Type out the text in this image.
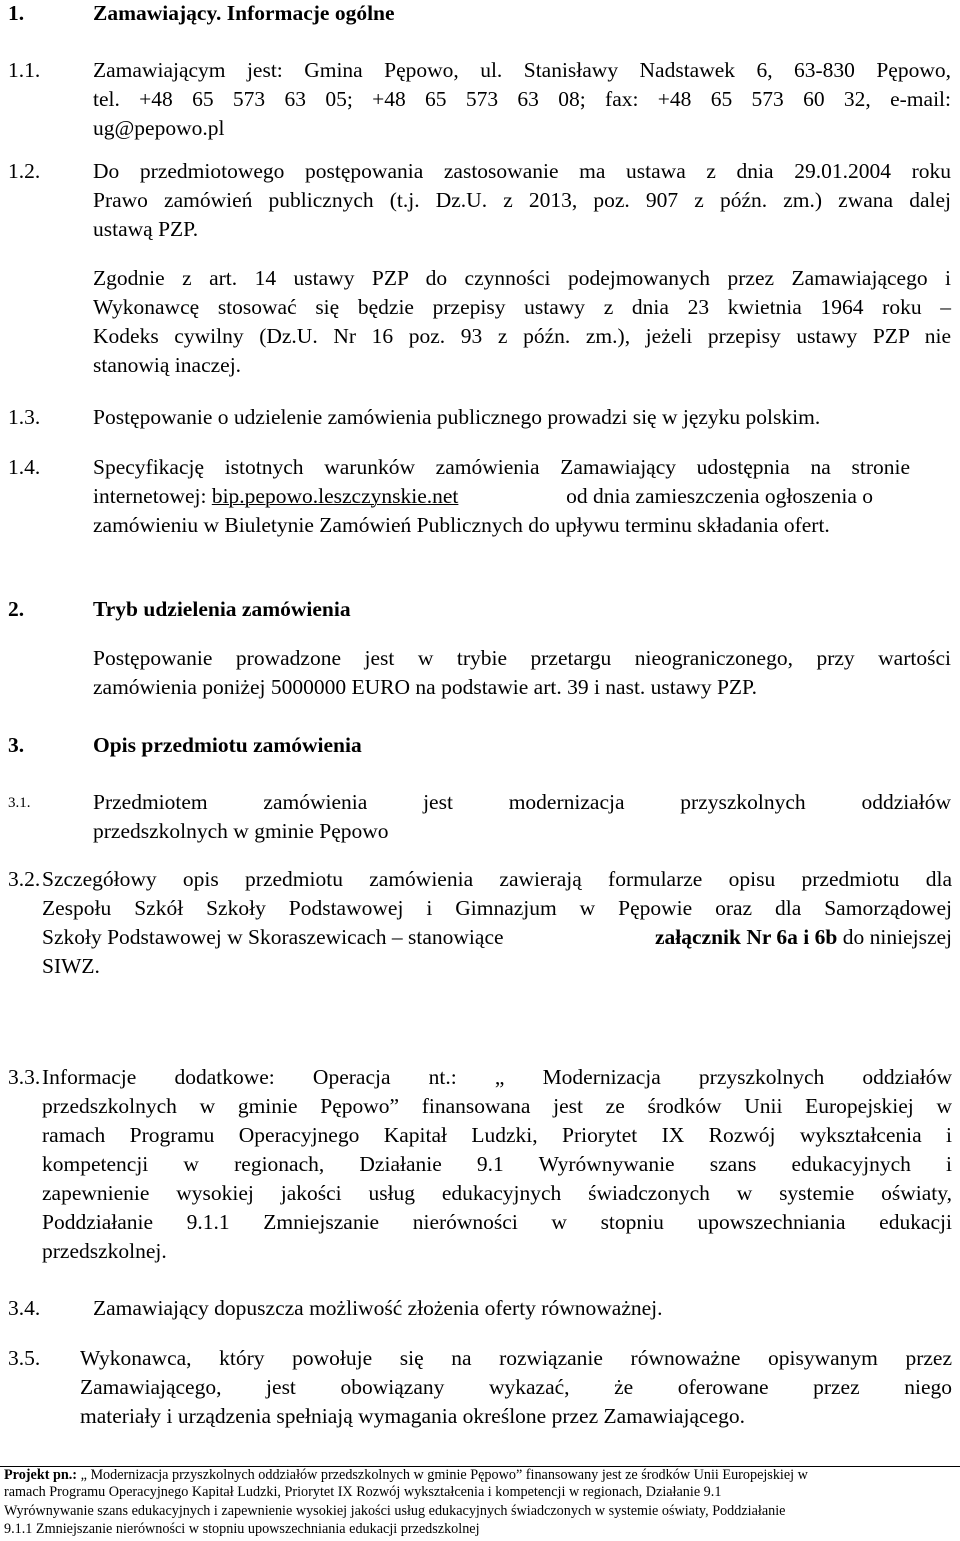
1.	Zamawiający. Informacje ogólne
1.1. Zamawiającym jest: Gmina Pępowo, ul. Stanisławy Nadstawek 6, 63-830 Pępowo,
tel. +48 65 573 63 05; +48 65 573 63 08; fax: +48 65 573 60 32, e-mail:
ug@pepowo.pl
1.2. Do przedmiotowego postępowania zastosowanie ma ustawa z dnia 29.01.2004 roku
Prawo zamówień publicznych (t.j. Dz.U. z 2013, poz. 907 z późn. zm.) zwana dalej
ustawą PZP.
Zgodnie z art. 14 ustawy PZP do czynności podejmowanych przez Zamawiającego i
Wykonawcę stosować się będzie przepisy ustawy z dnia 23 kwietnia 1964 roku –
Kodeks cywilny (Dz.U. Nr 16 poz. 93 z późn. zm.), jeżeli przepisy ustawy PZP nie
stanowią inaczej.
1.3. Postępowanie o udzielenie zamówienia publicznego prowadzi się w języku polskim.
1.4. Specyfikację istotnych warunków zamówienia Zamawiający udostępnia na stronie
internetowej: bip.pepowo.leszczynskie.net	od dnia zamieszczenia ogłoszenia o
zamówieniu w Biuletynie Zamówień Publicznych do upływu terminu składania ofert.
2.	Tryb udzielenia zamówienia
Postępowanie prowadzone jest w trybie przetargu nieograniczonego, przy wartości
zamówienia poniżej 5000000 EURO na podstawie art. 39 i nast. ustawy PZP.
3.	Opis przedmiotu zamówienia
3.1.	Przedmiotem zamówienia jest modernizacja przyszkolnych oddziałów
przedszkolnych w gminie Pępowo
3.2. Szczegółowy opis przedmiotu zamówienia zawierają formularze opisu przedmiotu dla
Zespołu Szkół Szkoły Podstawowej i Gimnazjum w Pępowie oraz dla Samorządowej
Szkoły Podstawowej w Skoraszewicach – stanowiące	załącznik Nr 6a i 6b do niniejszej
SIWZ.
3.3. Informacje dodatkowe: Operacja nt.: „ Modernizacja przyszkolnych oddziałów
przedszkolnych w gminie Pępowo” finansowana jest ze środków Unii Europejskiej w
ramach Programu Operacyjnego Kapitał Ludzki, Priorytet IX Rozwój wykształcenia i
kompetencji w regionach, Działanie 9.1 Wyrównywanie szans edukacyjnych i
zapewnienie wysokiej jakości usług edukacyjnych świadczonych w systemie oświaty,
Poddziałanie 9.1.1 Zmniejszanie nierówności w stopniu upowszechniania edukacji
przedszkolnej.
3.4. Zamawiający dopuszcza możliwość złożenia oferty równoważnej.
3.5. Wykonawca, który powołuje się na rozwiązanie równoważne opisywanym przez
Zamawiającego, jest obowiązany wykazać, że oferowane przez niego
materiały i urządzenia spełniają wymagania określone przez Zamawiającego.
Projekt pn.: „ Modernizacja przyszkolnych oddziałów przedszkolnych w gminie Pępowo” finansowany jest ze środków Unii Europejskiej w
ramach Programu Operacyjnego Kapitał Ludzki, Priorytet IX Rozwój wykształcenia i kompetencji w regionach, Działanie 9.1
Wyrównywanie szans edukacyjnych i zapewnienie wysokiej jakości usług edukacyjnych świadczonych w systemie oświaty, Poddziałanie
9.1.1 Zmniejszanie nierówności w stopniu upowszechniania edukacji przedszkolnej
